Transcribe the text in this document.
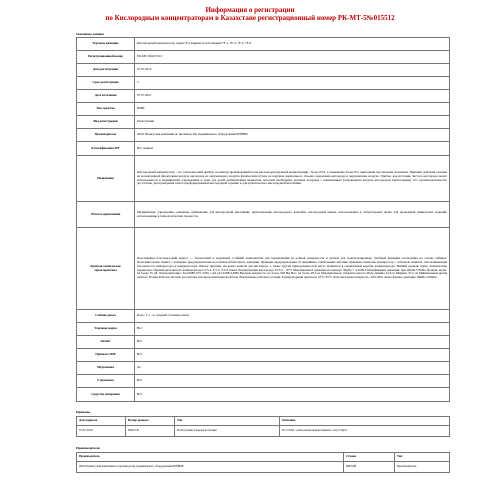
Информация о регистрации
по Кислородным концентраторам в Казахстане регистрационный номер РК-МТ-5№015512
Основные данные
Торговое название	Кислородный концентратор серии 7F в вариантах исполнения 7F-1, 7F-3, 7F-5, 7F-8
Регистрационный номер	РК-МТ-5№015512
Дата регистрации	07.07.2016
Срок регистрации	5
Дата истечения	07.07.2021
Тип средства	ИМН
Вид регистрации	Регистрация
Производитель	ООО Цзянсуская компания по производству медицинского оборудования ЮЙЮЕ
Классификация МТ	Нет данных
Назначение	Кислородный концентратор - это электрический прибор, на выходе производящий поток кислородовоздушной концентрации - более 93%, а повышенно более 9%, пригодный для дыхания человеком. Принцип действия основан на молекулярной фильтрации воздуха кислорода из окружающего воздуха физическим путем, не нарушая нормального объема содержания кислорода в окружающем воздухе. Прибор, как источник чистого кислорода может использоваться в медицинских учреждениях и дома для детей реабилитации пациентов, которым необходимо дыхание воздухом с повышенным (сохранением воздуха кислородом питательным). Его производительность достаточно для проведения запаса перфорированной кислородной терапии и для практического кислородной ингаляции.
Область применения	Медицинские учреждения, домашнее применение для кислородной ингаляции; приготовление кислородного коктейля, кислородной ванны, использование в лабораторных целях для проведения химических реакций, использование в технологических процессах.
Краткая техническая характеристика	Пластиковые пластмассовый корпус — безопасный и надежный. Стойкий компонентов для перемещения (и ровной поверхности и ручкой для транспортировки). Удобный функции отключения на основе таймера. Дополнительная защита с помощью предохранительного клапана избыточного давления. Функция предупреждения об аварийных отключениях питания звуковым сигналом. Компрессор с тепловой защитой, обеспечивающей безопасность компрессора и концентратора. Шкалу питания, посылает канюля для кислорода, а также других принадлежностей могут храниться в специальной коробке концентратора. Низкий уровень шума. Технические параметры: Производительность концентратора: 0,5-3, 0,5-5, 0,5-8 л/мин. Концентрация кислорода: 93,5% – 87% Максимальное давление на выходе: 45кПа ± 4,5кПа Спецификации давления: при 20кПа+25кПа Уровень шума: не более 55 дБ Электропитание: AC220В±10% 50Гц 1,4A (AC220В-240В) Входная мощность: не более 590 ВА Вес: не более 28,5 кг Максимальные габариты высота 60см Длинна 44,5см Ширина 37,2 см Минимальная время работы: 30 мин Рабочая система рассчитана для продолжительной работы. Нормальные рабочие условия: Температурный диапазон: 10°C-35°C Относительная влажность: 20%-80% Атмосферное давление: 86кПа-106кПа
Степень риска	Класс 2 а - со средней степенью риска
Торговая марка	Нет
Патент	Нет
Признак GMP	Нет
Медтехника	Да
Стерильное	Нет
Средство измерения	Нет
Приказы
Дата приказа	Номер приказа	Тип	Описание
07.07.2016	N002745	Регистрация, Перерегистрация	По СХЗО, электронная версия приказа отсутствует
Производители
Производитель	Страна	Тип
ООО Цзянсуская компания по производству медицинского оборудования ЮЙЮЕ	КИТАЙ	Производитель
